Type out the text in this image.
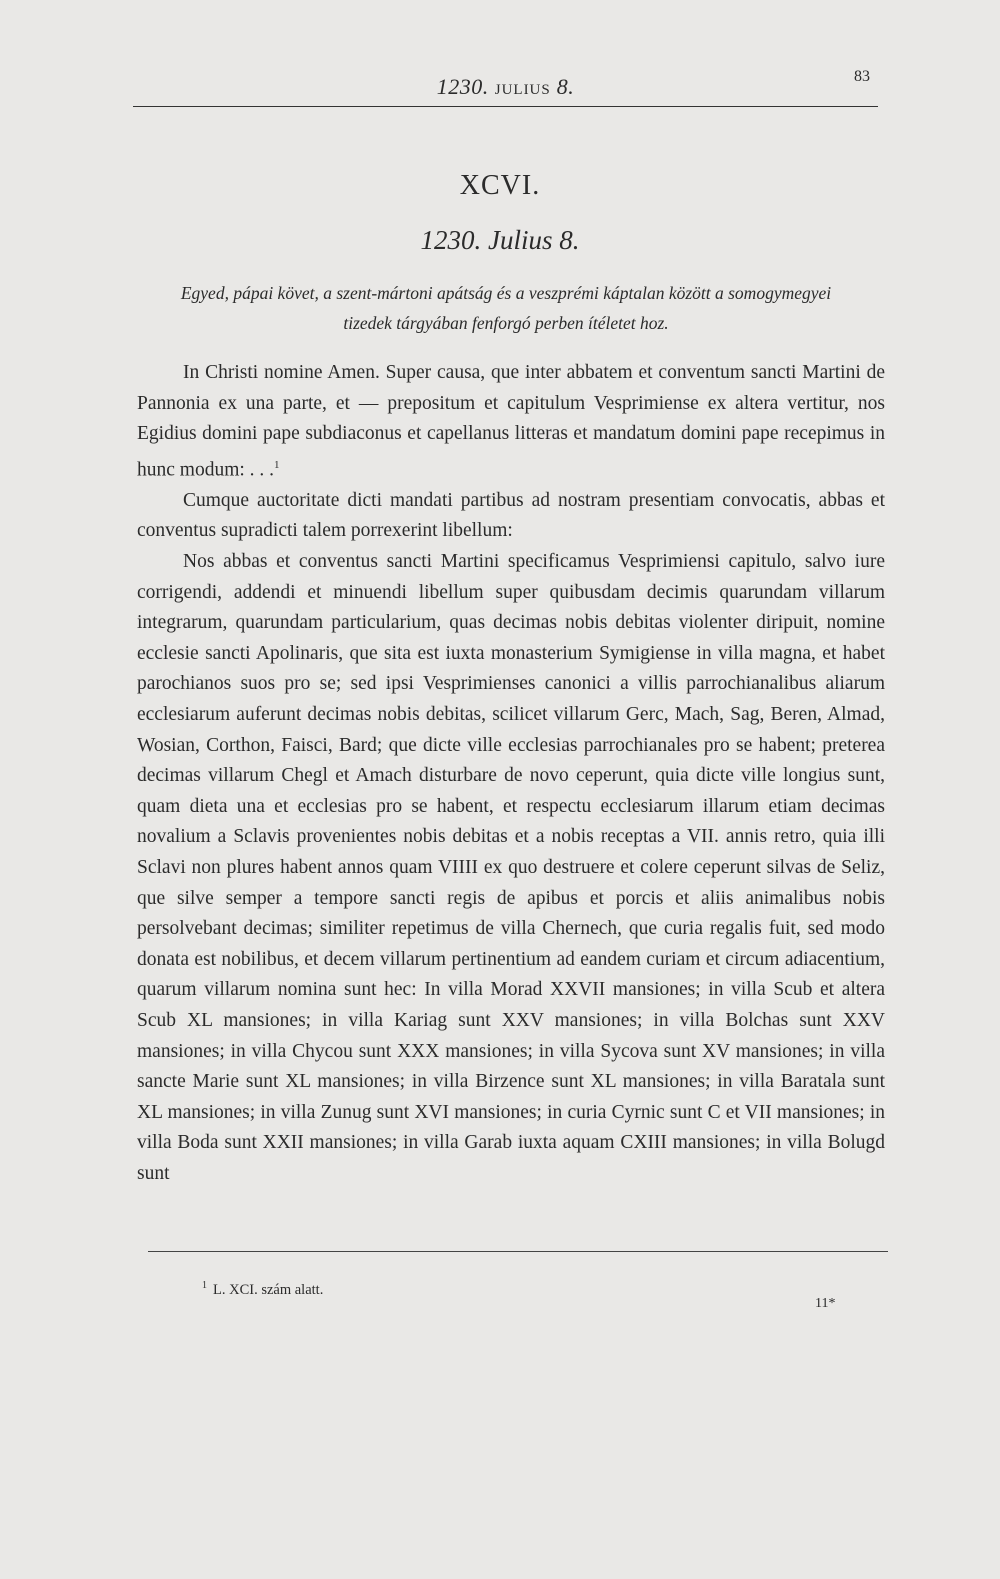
1230. JULIUS 8.	83
XCVI.
1230. Julius 8.
Egyed, pápai követ, a szent-mártoni apátság és a veszprémi káptalan között a somogymegyei
tizedek tárgyában fenforgó perben ítéletet hoz.

In Christi nomine Amen. Super causa, que inter abbatem et conventum sancti Martini de Pannonia ex una parte, et — prepositum et capitulum Vesprimiense ex altera vertitur, nos Egidius domini pape subdiaconus et capellanus litteras et mandatum domini pape recepimus in hunc modum: . . .$^1$

Cumque auctoritate dicti mandati partibus ad nostram presentiam convocatis, abbas et conventus supradicti talem porrexerint libellum:

Nos abbas et conventus sancti Martini specificamus Vesprimiensi capitulo, salvo iure corrigendi, addendi et minuendi libellum super quibusdam decimis quarundam villarum integrarum, quarundam particularium, quas decimas nobis debitas violenter diripuit, nomine ecclesie sancti Apolinaris, que sita est iuxta monasterium Symigiense in villa magna, et habet parochianos suos pro se; sed ipsi Vesprimienses canonici a villis parrochianalibus aliarum ecclesiarum auferunt decimas nobis debitas, scilicet villarum Gerc, Mach, Sag, Beren, Almad, Wosian, Corthon, Faisci, Bard; que dicte ville ecclesias parrochianales pro se habent; preterea decimas villarum Chegl et Amach disturbare de novo ceperunt, quia dicte ville longius sunt, quam dieta una et ecclesias pro se habent, et respectu ecclesiarum illarum etiam decimas novalium a Sclavis provenientes nobis debitas et a nobis receptas a VII. annis retro, quia illi Sclavi non plures habent annos quam VIIII ex quo destruere et colere ceperunt silvas de Seliz, que silve semper a tempore sancti regis de apibus et porcis et aliis animalibus nobis persolvebant decimas; similiter repetimus de villa Chernech, que curia regalis fuit, sed modo donata est nobilibus, et decem villarum pertinentium ad eandem curiam et circum adiacentium, quarum villarum nomina sunt hec: In villa Morad XXVII mansiones; in villa Scub et altera Scub XL mansiones; in villa Kariag sunt XXV mansiones; in villa Bolchas sunt XXV mansiones; in villa Chycou sunt XXX mansiones; in villa Sycova sunt XV mansiones; in villa sancte Marie sunt XL mansiones; in villa Birzence sunt XL mansiones; in villa Baratala sunt XL mansiones; in villa Zunug sunt XVI mansiones; in curia Cyrnic sunt C et VII mansiones; in villa Boda sunt XXII mansiones; in villa Garab iuxta aquam CXIII mansiones; in villa Bolugd sunt

$^1$ L. XCI. szám alatt.
11*
